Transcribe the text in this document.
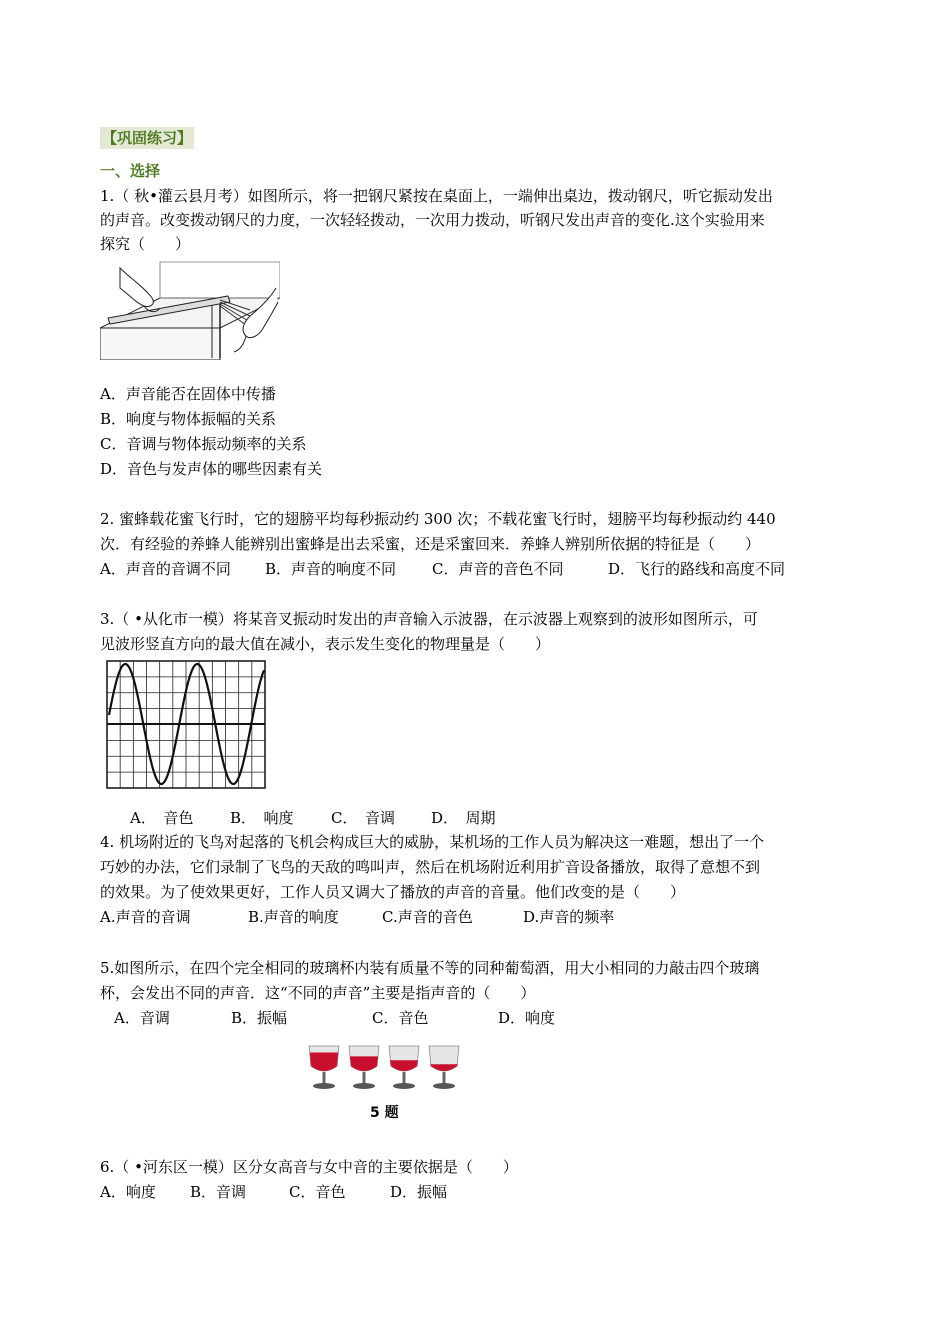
【巩固练习】
一、选择
1.（ 秋•灌云县月考）如图所示，将一把钢尺紧按在桌面上，一端伸出桌边，拨动钢尺，听它振动发出
的声音。改变拨动钢尺的力度，一次轻轻拨动，一次用力拨动，听钢尺发出声音的变化.这个实验用来
探究（　　）
A．声音能否在固体中传播
B．响度与物体振幅的关系
C．音调与物体振动频率的关系
D．音色与发声体的哪些因素有关
2. 蜜蜂载花蜜飞行时，它的翅膀平均每秒振动约 300 次；不载花蜜飞行时，翅膀平均每秒振动约 440
次．有经验的养蜂人能辨别出蜜蜂是出去采蜜，还是采蜜回来．养蜂人辨别所依据的特征是（　　）
A．声音的音调不同 B．声音的响度不同 C．声音的音色不同	D．飞行的路线和高度不同
3.（ •从化市一模）将某音叉振动时发出的声音输入示波器，在示波器上观察到的波形如图所示，可
见波形竖直方向的最大值在减小，表示发生变化的物理量是（　　）
A．　音色 B．　响度 C．　音调 D．　周期
4. 机场附近的飞鸟对起落的飞机会构成巨大的威胁，某机场的工作人员为解决这一难题，想出了一个
巧妙的办法，它们录制了飞鸟的天敌的鸣叫声，然后在机场附近利用扩音设备播放，取得了意想不到
的效果。为了使效果更好，工作人员又调大了播放的声音的音量。他们改变的是（　　）
A.声音的音调	B.声音的响度	C.声音的音色	D.声音的频率
5.如图所示，在四个完全相同的玻璃杯内装有质量不等的同种葡萄酒，用大小相同的力敲击四个玻璃
杯，会发出不同的声音．这“不同的声音”主要是指声音的（　　）
A．音调	B．振幅	C．音色	D．响度
5 题
6.（ •河东区一模）区分女高音与女中音的主要依据是（　　）
A．响度 B．音调	C．音色	D．振幅
